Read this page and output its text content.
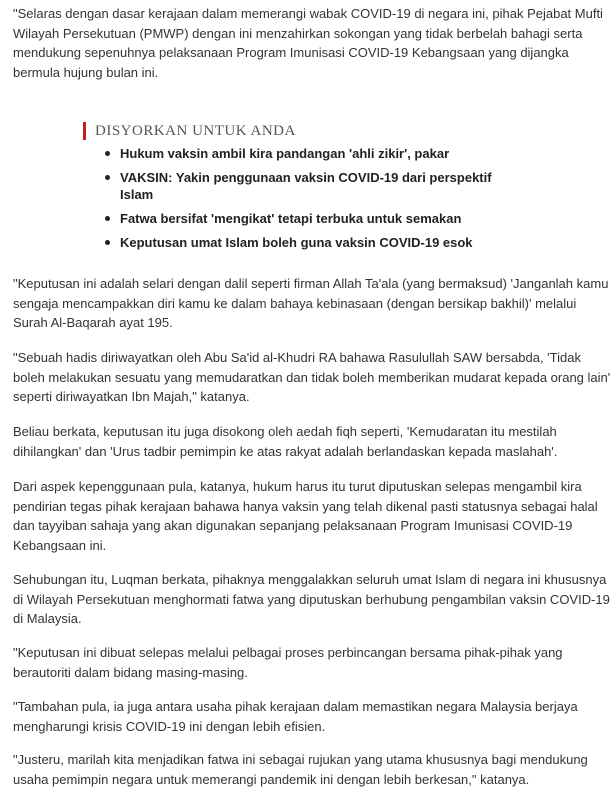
"Selaras dengan dasar kerajaan dalam memerangi wabak COVID-19 di negara ini, pihak Pejabat Mufti Wilayah Persekutuan (PMWP) dengan ini menzahirkan sokongan yang tidak berbelah bahagi serta mendukung sepenuhnya pelaksanaan Program Imunisasi COVID-19 Kebangsaan yang dijangka bermula hujung bulan ini.

DISYORKAN UNTUK ANDA
Hukum vaksin ambil kira pandangan 'ahli zikir', pakar
VAKSIN: Yakin penggunaan vaksin COVID-19 dari perspektif Islam
Fatwa bersifat 'mengikat' tetapi terbuka untuk semakan
Keputusan umat Islam boleh guna vaksin COVID-19 esok

"Keputusan ini adalah selari dengan dalil seperti firman Allah Ta'ala (yang bermaksud) 'Janganlah kamu sengaja mencampakkan diri kamu ke dalam bahaya kebinasaan (dengan bersikap bakhil)' melalui Surah Al-Baqarah ayat 195.

"Sebuah hadis diriwayatkan oleh Abu Sa'id al-Khudri RA bahawa Rasulullah SAW bersabda, 'Tidak boleh melakukan sesuatu yang memudaratkan dan tidak boleh memberikan mudarat kepada orang lain' seperti diriwayatkan Ibn Majah," katanya.

Beliau berkata, keputusan itu juga disokong oleh aedah fiqh seperti, 'Kemudaratan itu mestilah dihilangkan' dan 'Urus tadbir pemimpin ke atas rakyat adalah berlandaskan kepada maslahah'.

Dari aspek kepenggunaan pula, katanya, hukum harus itu turut diputuskan selepas mengambil kira pendirian tegas pihak kerajaan bahawa hanya vaksin yang telah dikenal pasti statusnya sebagai halal dan tayyiban sahaja yang akan digunakan sepanjang pelaksanaan Program Imunisasi COVID-19 Kebangsaan ini.

Sehubungan itu, Luqman berkata, pihaknya menggalakkan seluruh umat Islam di negara ini khususnya di Wilayah Persekutuan menghormati fatwa yang diputuskan berhubung pengambilan vaksin COVID-19 di Malaysia.

"Keputusan ini dibuat selepas melalui pelbagai proses perbincangan bersama pihak-pihak yang berautoriti dalam bidang masing-masing.

"Tambahan pula, ia juga antara usaha pihak kerajaan dalam memastikan negara Malaysia berjaya mengharungi krisis COVID-19 ini dengan lebih efisien.

"Justeru, marilah kita menjadikan fatwa ini sebagai rujukan yang utama khususnya bagi mendukung usaha pemimpin negara untuk memerangi pandemik ini dengan lebih berkesan," katanya.
